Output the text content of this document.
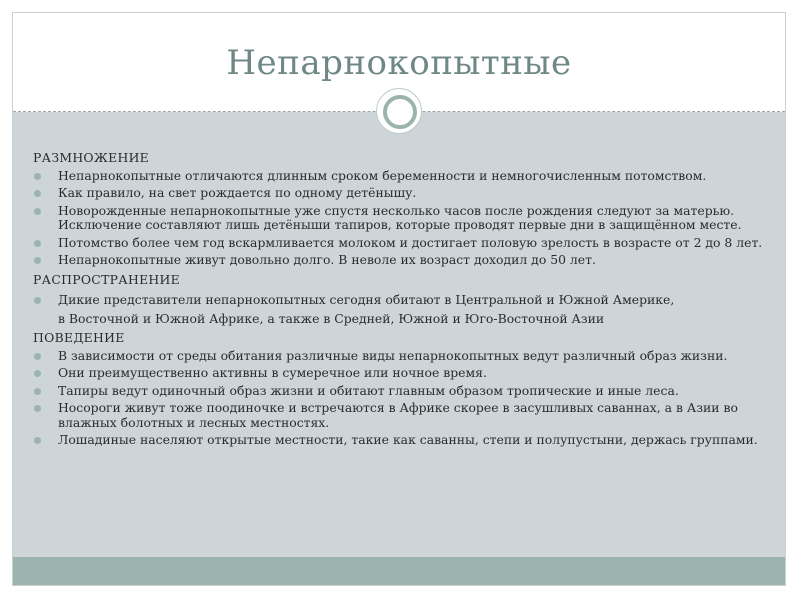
Непарнокопытные
РАЗМНОЖЕНИЕ
Непарнокопытные отличаются длинным сроком беременности и немногочисленным потомством.
Как правило, на свет рождается по одному детёнышу.
Новорожденные непарнокопытные уже спустя несколько часов после рождения следуют за матерью. Исключение составляют лишь детёныши тапиров, которые проводят первые дни в защищённом месте.
Потомство более чем год вскармливается молоком и достигает половую зрелость в возрасте от 2 до 8 лет.
Непарнокопытные живут довольно долго. В неволе их возраст доходил до 50 лет.
РАСПРОСТРАНЕНИЕ
Дикие представители непарнокопытных сегодня обитают в Центральной и Южной Америке,
в Восточной и Южной Африке, а также в Средней, Южной и Юго-Восточной Азии
ПОВЕДЕНИЕ
В зависимости от среды обитания различные виды непарнокопытных ведут различный образ жизни.
Они преимущественно активны в сумеречное или ночное время.
Тапиры ведут одиночный образ жизни и обитают главным образом тропические и иные леса.
Носороги живут тоже поодиночке и встречаются в Африке скорее в засушливых саваннах, а в Азии во влажных болотных и лесных местностях.
Лошадиные населяют открытые местности, такие как саванны, степи и полупустыни, держась группами.
